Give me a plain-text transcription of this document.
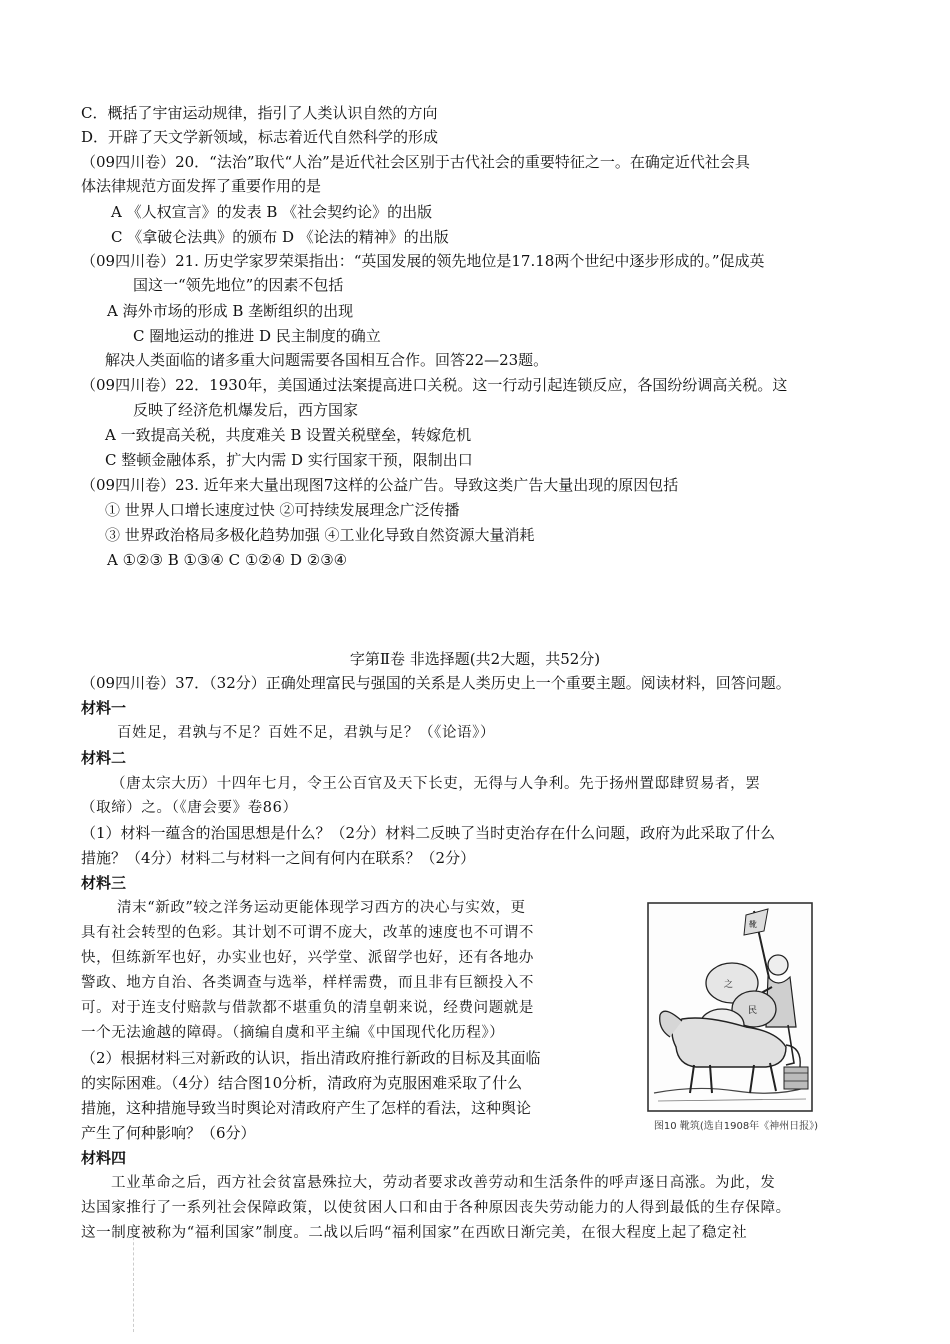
C．概括了宇宙运动规律，指引了人类认识自然的方向
D．开辟了天文学新领域，标志着近代自然科学的形成
（09四川卷）20．“法治”取代“人治”是近代社会区别于古代社会的重要特征之一。在确定近代社会具
体法律规范方面发挥了重要作用的是
A 《人权宣言》的发表 B 《社会契约论》的出版
C 《拿破仑法典》的颁布 D 《论法的精神》的出版
（09四川卷）21. 历史学家罗荣渠指出：“英国发展的领先地位是17.18两个世纪中逐步形成的。”促成英
国这一“领先地位”的因素不包括
A 海外市场的形成 B 垄断组织的出现
C 圈地运动的推进 D 民主制度的确立
解决人类面临的诸多重大问题需要各国相互合作。回答22—23题。
（09四川卷）22．1930年，美国通过法案提高进口关税。这一行动引起连锁反应，各国纷纷调高关税。这
反映了经济危机爆发后，西方国家
A 一致提高关税，共度难关 B 设置关税壁垒，转嫁危机
C 整顿金融体系，扩大内需 D 实行国家干预，限制出口
（09四川卷）23. 近年来大量出现图7这样的公益广告。导致这类广告大量出现的原因包括
① 世界人口增长速度过快 ②可持续发展理念广泛传播
③ 世界政治格局多极化趋势加强 ④工业化导致自然资源大量消耗
A ①②③ B ①③④ C ①②④ D ②③④
字第Ⅱ卷 非选择题(共2大题，共52分)
（09四川卷）37．（32分）正确处理富民与强国的关系是人类历史上一个重要主题。阅读材料，回答问题。
材料一
百姓足，君孰与不足？百姓不足，君孰与足？（《论语》）
材料二
（唐太宗大历）十四年七月，令王公百官及天下长吏，无得与人争利。先于扬州置邸肆贸易者，罢
（取缔）之。（《唐会要》卷86）
（1）材料一蕴含的治国思想是什么？（2分）材料二反映了当时吏治存在什么问题，政府为此采取了什么
措施？（4分）材料二与材料一之间有何内在联系？（2分）
材料三
清末“新政”较之洋务运动更能体现学习西方的决心与实效，更
具有社会转型的色彩。其计划不可谓不庞大，改革的速度也不可谓不
快，但练新军也好，办实业也好，兴学堂、派留学也好，还有各地办
警政、地方自治、各类调查与选举，样样需费，而且非有巨额投入不
可。对于连支付赔款与借款都不堪重负的清皇朝来说，经费问题就是
一个无法逾越的障碍。（摘编自虞和平主编《中国现代化历程》）
（2）根据材料三对新政的认识，指出清政府推行新政的目标及其面临
的实际困难。（4分）结合图10分析，清政府为克服困难采取了什么
措施，这种措施导致当时舆论对清政府产生了怎样的看法，这种舆论
产生了何种影响？（6分）
靴
之
民
图10 靴筑(选自1908年《神州日报》)
材料四
工业革命之后，西方社会贫富悬殊拉大，劳动者要求改善劳动和生活条件的呼声逐日高涨。为此，发
达国家推行了一系列社会保障政策，以使贫困人口和由于各种原因丧失劳动能力的人得到最低的生存保障。
这一制度被称为“福利国家”制度。二战以后吗“福利国家”在西欧日渐完美，在很大程度上起了稳定社
